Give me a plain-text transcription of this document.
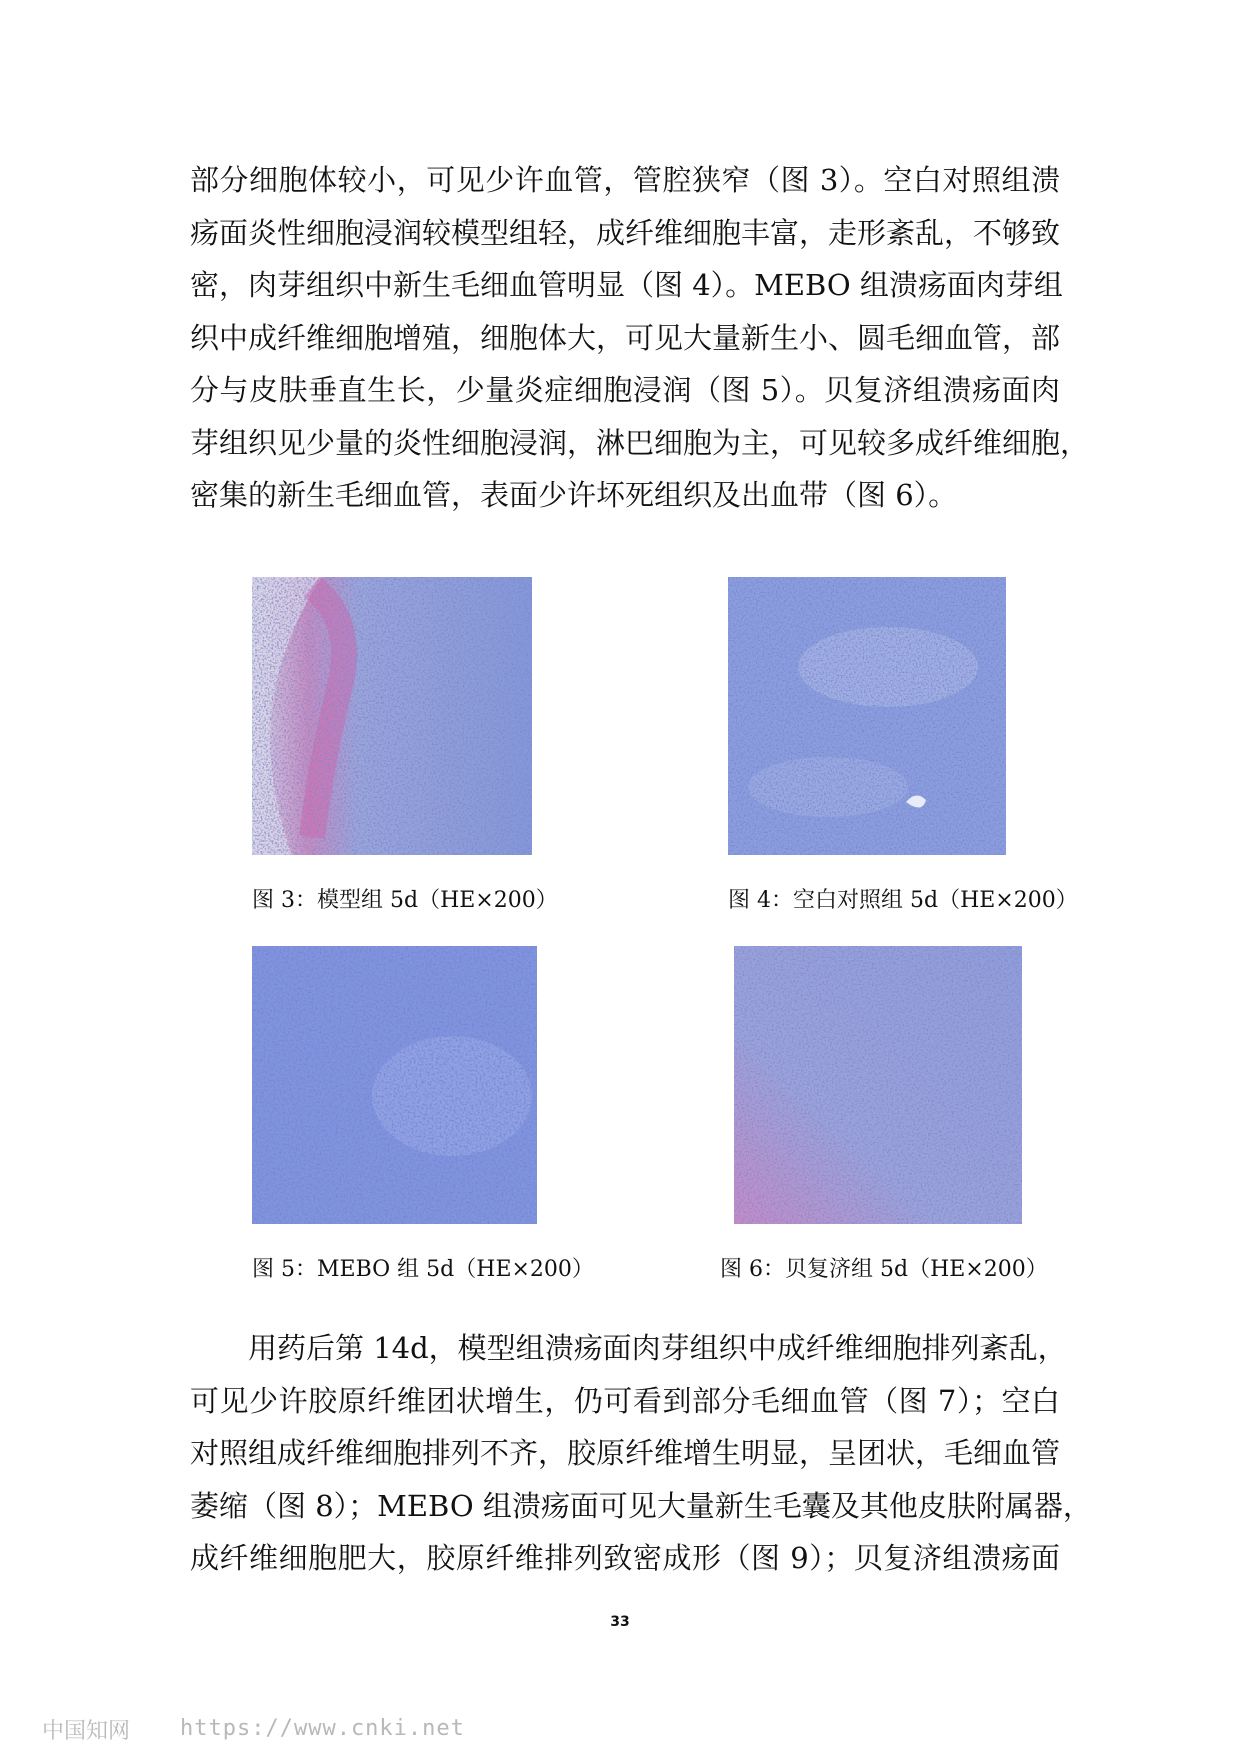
部分细胞体较小，可见少许血管，管腔狭窄（图 3）。空白对照组溃
疡面炎性细胞浸润较模型组轻，成纤维细胞丰富，走形紊乱，不够致
密，肉芽组织中新生毛细血管明显（图 4）。MEBO 组溃疡面肉芽组
织中成纤维细胞增殖，细胞体大，可见大量新生小、圆毛细血管，部
分与皮肤垂直生长，少量炎症细胞浸润（图 5）。贝复济组溃疡面肉
芽组织见少量的炎性细胞浸润，淋巴细胞为主，可见较多成纤维细胞，
密集的新生毛细血管，表面少许坏死组织及出血带（图 6）。
图 3：模型组 5d（HE×200）	图 4：空白对照组 5d（HE×200）
图 5：MEBO 组 5d（HE×200）	图 6：贝复济组 5d（HE×200）
　　用药后第 14d，模型组溃疡面肉芽组织中成纤维细胞排列紊乱，
可见少许胶原纤维团状增生，仍可看到部分毛细血管（图 7）；空白
对照组成纤维细胞排列不齐，胶原纤维增生明显，呈团状，毛细血管
萎缩（图 8）；MEBO 组溃疡面可见大量新生毛囊及其他皮肤附属器，
成纤维细胞肥大，胶原纤维排列致密成形（图 9）；贝复济组溃疡面
33
中国知网 https://www.cnki.net
